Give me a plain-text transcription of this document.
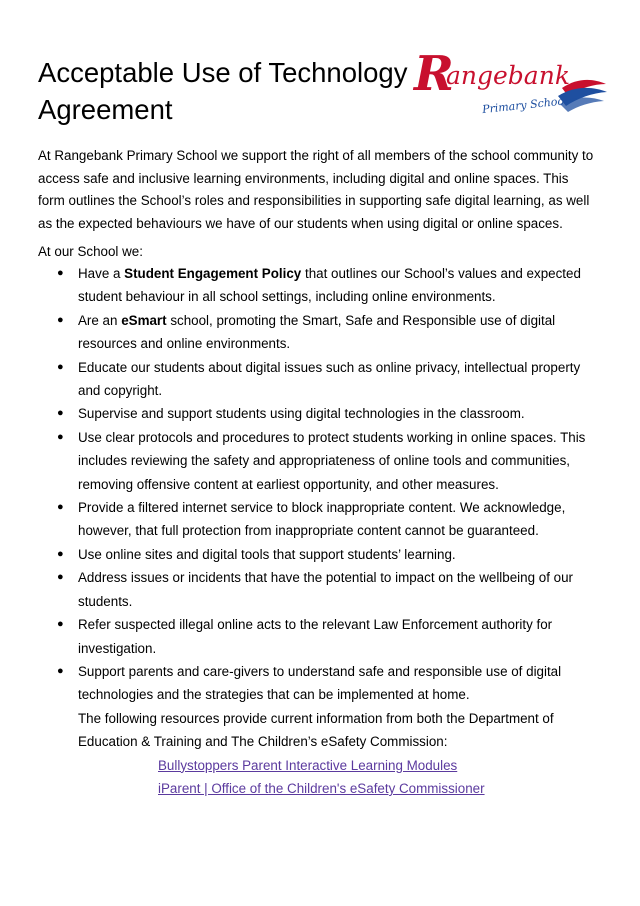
Acceptable Use of Technology Agreement
R
angebank
Primary School

At Rangebank Primary School we support the right of all members of the school community to access safe and inclusive learning environments, including digital and online spaces. This form outlines the School’s roles and responsibilities in supporting safe digital learning, as well as the expected behaviours we have of our students when using digital or online spaces.

At our School we:

● Have a Student Engagement Policy that outlines our School’s values and expected student behaviour in all school settings, including online environments.
● Are an eSmart school, promoting the Smart, Safe and Responsible use of digital resources and online environments.
● Educate our students about digital issues such as online privacy, intellectual property and copyright.
● Supervise and support students using digital technologies in the classroom.
● Use clear protocols and procedures to protect students working in online spaces. This includes reviewing the safety and appropriateness of online tools and communities, removing offensive content at earliest opportunity, and other measures.
● Provide a filtered internet service to block inappropriate content. We acknowledge, however, that full protection from inappropriate content cannot be guaranteed.
● Use online sites and digital tools that support students’ learning.
● Address issues or incidents that have the potential to impact on the wellbeing of our students.
● Refer suspected illegal online acts to the relevant Law Enforcement authority for investigation.
● Support parents and care-givers to understand safe and responsible use of digital technologies and the strategies that can be implemented at home.
The following resources provide current information from both the Department of Education & Training and The Children’s eSafety Commission:
Bullystoppers Parent Interactive Learning Modules
iParent | Office of the Children's eSafety Commissioner
